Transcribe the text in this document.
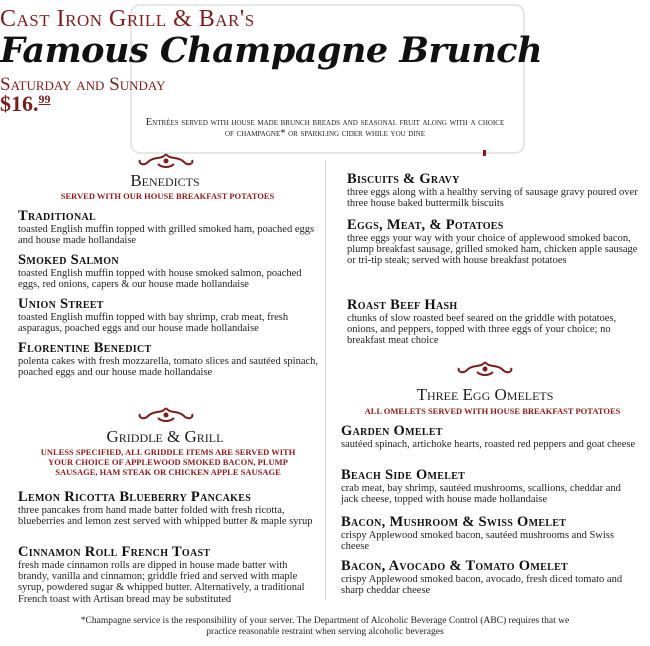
Cast Iron Grill & Bar's
Famous Champagne Brunch
Saturday and Sunday
$16.99
Entrées served with house made brunch breads and seasonal fruit along with a choice of champagne* or sparkling cider while you dine
Benedicts
SERVED WITH OUR HOUSE BREAKFAST POTATOES
Traditional
toasted English muffin topped with grilled smoked ham, poached eggs and house made hollandaise
Smoked Salmon
toasted English muffin topped with house smoked salmon, poached eggs, red onions, capers & our house made hollandaise
Union Street
toasted English muffin topped with bay shrimp, crab meat, fresh asparagus, poached eggs and our house made hollandaise
Florentine Benedict
polenta cakes with fresh mozzarella, tomato slices and sautéed spinach, poached eggs and our house made hollandaise
Griddle & Grill
UNLESS SPECIFIED, ALL GRIDDLE ITEMS ARE SERVED WITH YOUR CHOICE OF APPLEWOOD SMOKED BACON, PLUMP SAUSAGE, HAM STEAK OR CHICKEN APPLE SAUSAGE
Lemon Ricotta Blueberry Pancakes
three pancakes from hand made batter folded with fresh ricotta, blueberries and lemon zest served with whipped butter & maple syrup
Cinnamon Roll French Toast
fresh made cinnamon rolls are dipped in house made batter with brandy, vanilla and cinnamon; griddle fried and served with maple syrup, powdered sugar & whipped butter. Alternatively, a traditional French toast with Artisan bread may be substituted
Biscuits & Gravy
three eggs along with a healthy serving of sausage gravy poured over three house baked buttermilk biscuits
Eggs, Meat, & Potatoes
three eggs your way with your choice of applewood smoked bacon, plump breakfast sausage, grilled smoked ham, chicken apple sausage or tri-tip steak; served with house breakfast potatoes
Roast Beef Hash
chunks of slow roasted beef seared on the griddle with potatoes, onions, and peppers, topped with three eggs of your choice; no breakfast meat choice
Three Egg Omelets
ALL OMELETS SERVED WITH HOUSE BREAKFAST POTATOES
Garden Omelet
sautéed spinach, artichoke hearts, roasted red peppers and goat cheese
Beach Side Omelet
crab meat, bay shrimp, sautéed mushrooms, scallions, cheddar and jack cheese, topped with house made hollandaise
Bacon, Mushroom & Swiss Omelet
crispy Applewood smoked bacon, sautéed mushrooms and Swiss cheese
Bacon, Avocado & Tomato Omelet
crispy Applewood smoked bacon, avocado, fresh diced tomato and sharp cheddar cheese
*Champagne service is the responsibility of your server. The Department of Alcoholic Beverage Control (ABC) requires that we practice reasonable restraint when serving alcoholic beverages
